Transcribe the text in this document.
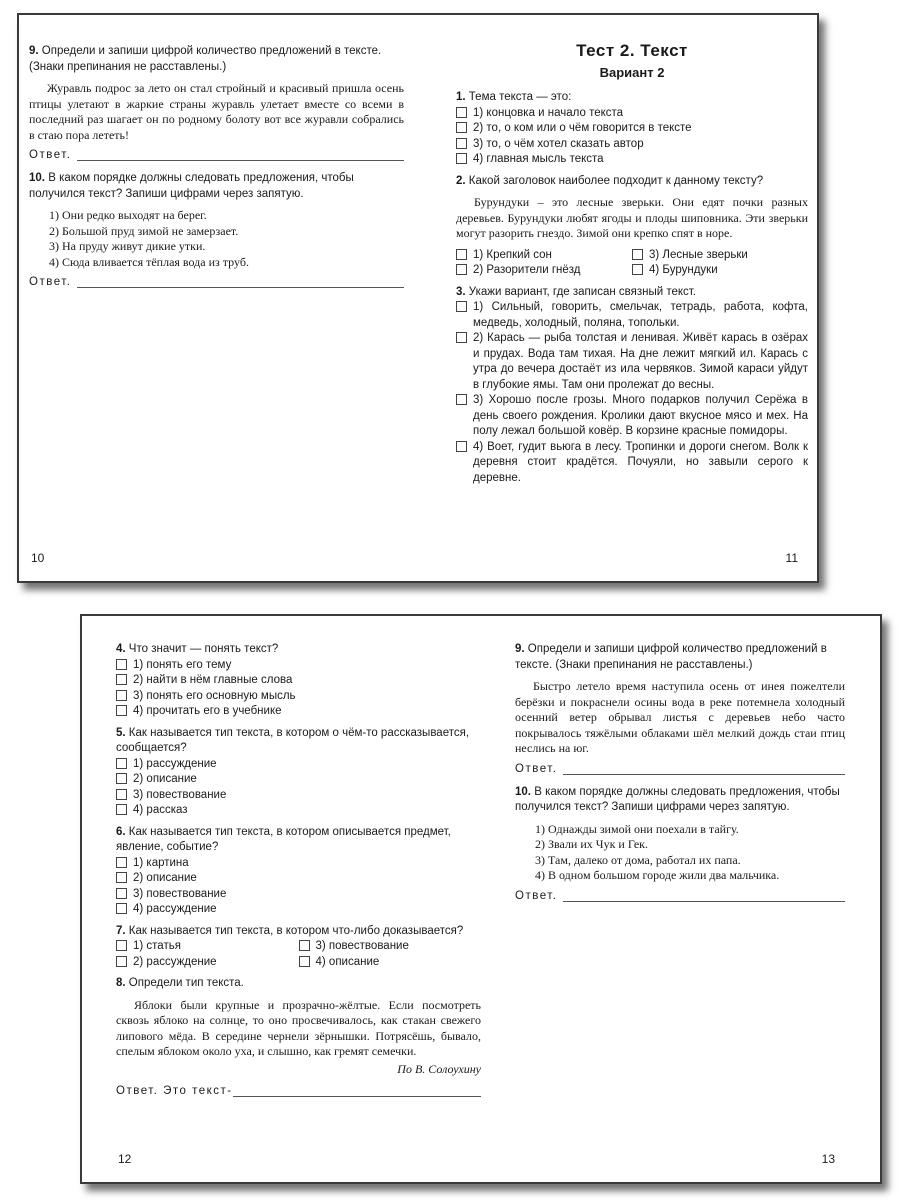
9. Определи и запиши цифрой количество предложений в тексте. (Знаки препинания не расставлены.)
Журавль подрос за лето он стал стройный и красивый пришла осень птицы улетают в жаркие страны журавль улетает вместе со всеми в последний раз шагает он по родному болоту вот все журавли собрались в стаю пора лететь!
Ответ.
10. В каком порядке должны следовать предложения, чтобы получился текст? Запиши цифрами через запятую.
1) Они редко выходят на берег.
2) Большой пруд зимой не замерзает.
3) На пруду живут дикие утки.
4) Сюда вливается тёплая вода из труб.
Ответ.
10
Тест 2. Текст
Вариант 2
1. Тема текста — это:
1) концовка и начало текста
2) то, о ком или о чём говорится в тексте
3) то, о чём хотел сказать автор
4) главная мысль текста
2. Какой заголовок наиболее подходит к данному тексту?
Бурундуки – это лесные зверьки. Они едят почки разных деревьев. Бурундуки любят ягоды и плоды шиповника. Эти зверьки могут разорить гнездо. Зимой они крепко спят в норе.
1) Крепкий сон	3) Лесные зверьки
2) Разорители гнёзд	4) Бурундуки
3. Укажи вариант, где записан связный текст.
1) Сильный, говорить, смельчак, тетрадь, работа, кофта, медведь, холодный, поляна, топольки.
2) Карась — рыба толстая и ленивая. Живёт карась в озёрах и прудах. Вода там тихая. На дне лежит мягкий ил. Карась с утра до вечера достаёт из ила червяков. Зимой караси уйдут в глубокие ямы. Там они пролежат до весны.
3) Хорошо после грозы. Много подарков получил Серёжа в день своего рождения. Кролики дают вкусное мясо и мех. На полу лежал большой ковёр. В корзине красные помидоры.
4) Воет, гудит вьюга в лесу. Тропинки и дороги снегом. Волк к деревня стоит крадётся. Почуяли, но завыли серого к деревне.
11
4. Что значит — понять текст?
1) понять его тему
2) найти в нём главные слова
3) понять его основную мысль
4) прочитать его в учебнике
5. Как называется тип текста, в котором о чём-то рассказывается, сообщается?
1) рассуждение
2) описание
3) повествование
4) рассказ
6. Как называется тип текста, в котором описывается предмет, явление, событие?
1) картина
2) описание
3) повествование
4) рассуждение
7. Как называется тип текста, в котором что-либо доказывается?
1) статья	3) повествование
2) рассуждение	4) описание
8. Определи тип текста.
Яблоки были крупные и прозрачно-жёлтые. Если посмотреть сквозь яблоко на солнце, то оно просвечивалось, как стакан свежего липового мёда. В середине чернели зёрнышки. Потрясёшь, бывало, спелым яблоком около уха, и слышно, как гремят семечки.
По В. Солоухину
Ответ. Это текст-
12
9. Определи и запиши цифрой количество предложений в тексте. (Знаки препинания не расставлены.)
Быстро летело время наступила осень от инея пожелтели берёзки и покраснели осины вода в реке потемнела холодный осенний ветер обрывал листья с деревьев небо часто покрывалось тяжёлыми облаками шёл мелкий дождь стаи птиц неслись на юг.
Ответ.
10. В каком порядке должны следовать предложения, чтобы получился текст? Запиши цифрами через запятую.
1) Однажды зимой они поехали в тайгу.
2) Звали их Чук и Гек.
3) Там, далеко от дома, работал их папа.
4) В одном большом городе жили два мальчика.
Ответ.
13
